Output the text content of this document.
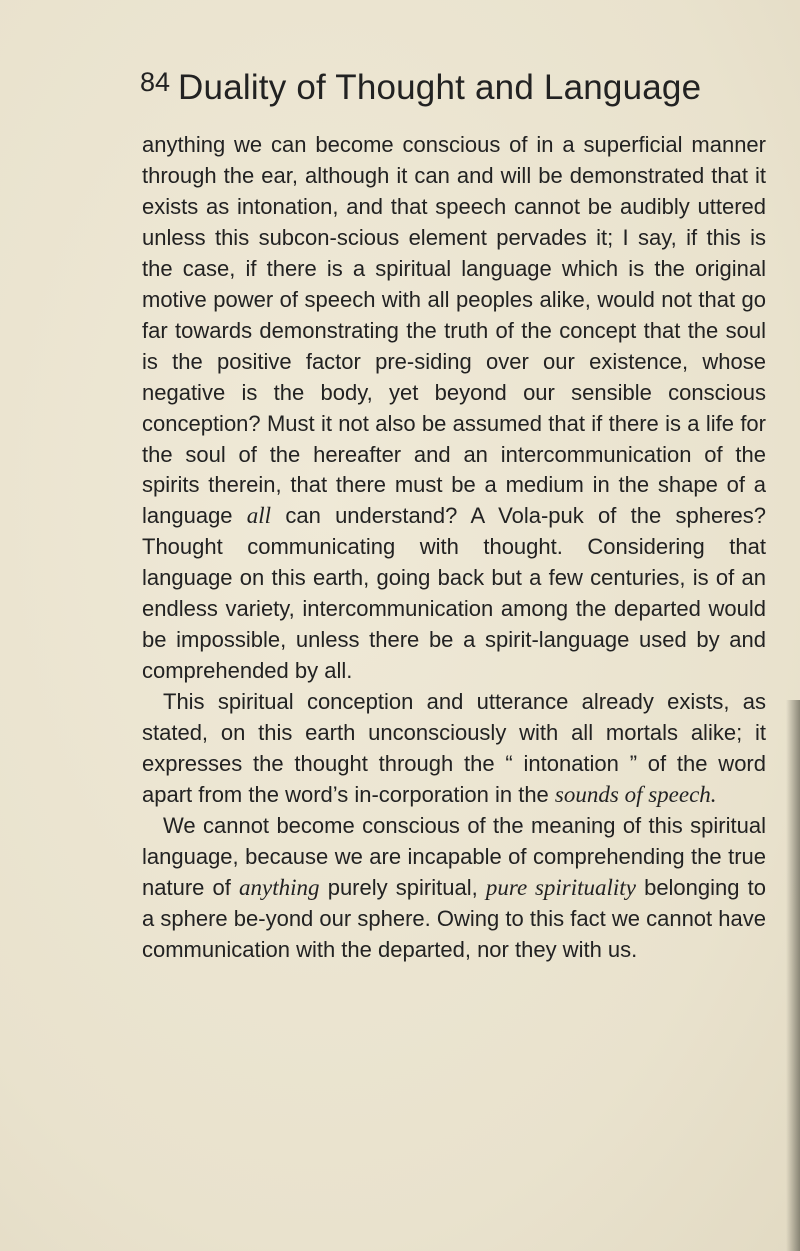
84 Duality of Thought and Language

anything we can become conscious of in a superficial manner through the ear, although it can and will be demonstrated that it exists as intonation, and that speech cannot be audibly uttered unless this subcon-scious element pervades it; I say, if this is the case, if there is a spiritual language which is the original motive power of speech with all peoples alike, would not that go far towards demonstrating the truth of the concept that the soul is the positive factor pre-siding over our existence, whose negative is the body, yet beyond our sensible conscious conception? Must it not also be assumed that if there is a life for the soul of the hereafter and an intercommunication of the spirits therein, that there must be a medium in the shape of a language all can understand? A Vola-puk of the spheres? Thought communicating with thought. Considering that language on this earth, going back but a few centuries, is of an endless variety, intercommunication among the departed would be impossible, unless there be a spirit-language used by and comprehended by all.

This spiritual conception and utterance already exists, as stated, on this earth unconsciously with all mortals alike; it expresses the thought through the “ intonation ” of the word apart from the word’s in-corporation in the sounds of speech.

We cannot become conscious of the meaning of this spiritual language, because we are incapable of comprehending the true nature of anything purely spiritual, pure spirituality belonging to a sphere be-yond our sphere. Owing to this fact we cannot have communication with the departed, nor they with us.
